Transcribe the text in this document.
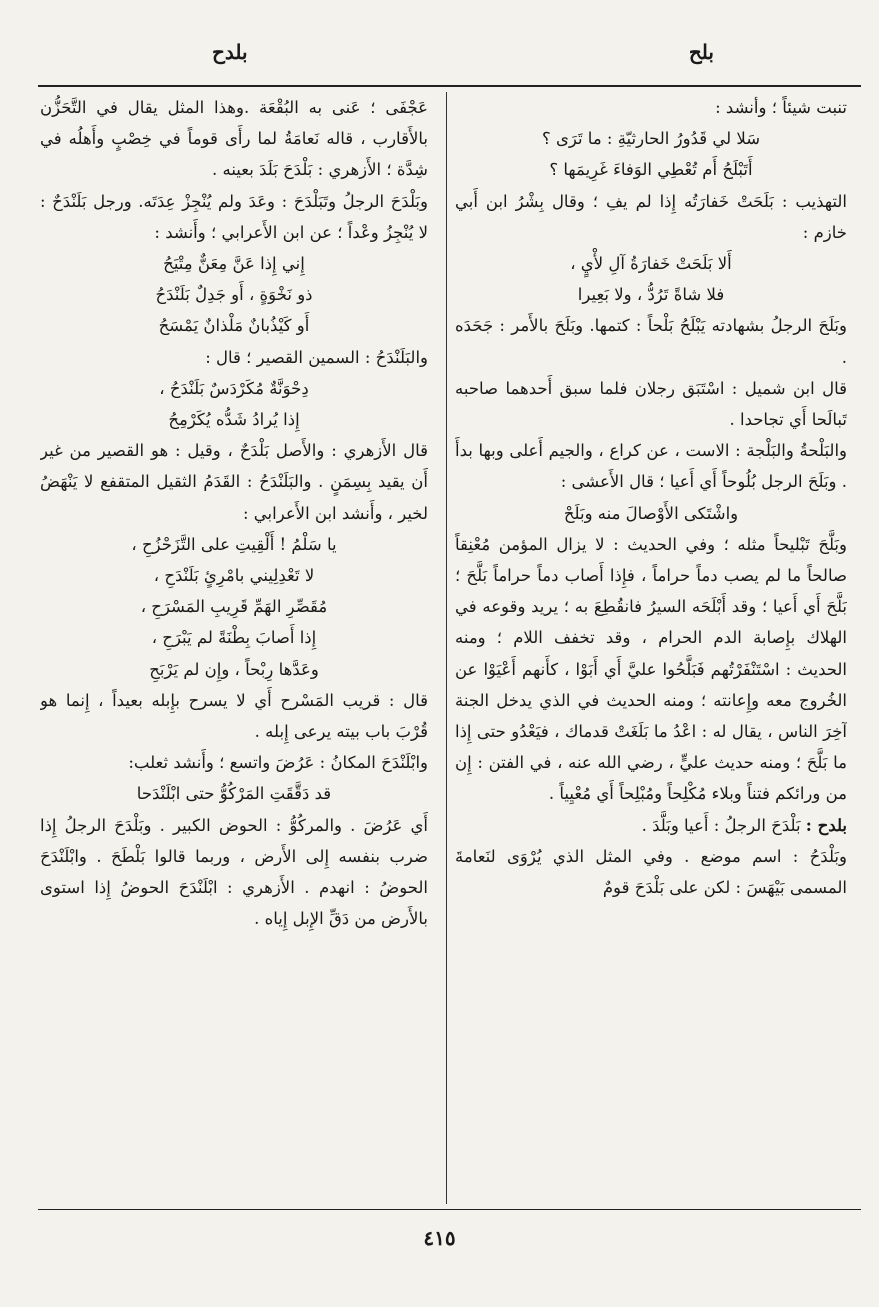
بلح
بلدح

تنبت شيئاً ؛ وأنشد :

سَلا لي قَدُورُ الحارثيّةِ : ما تَرَى ؟

أَتَبْلَحُ أَم تُعْطِي الوَفاءَ غَرِيمَها ؟

التهذيب : بَلَحَتْ خَفارَتُه إِذا لم يفِ ؛ وقال بِشْرُ ابن أَبي خازم :

أَلا بَلَحَتْ خَفارَةُ آلِ لأْيٍ ،

فلا شاةً تَرُدُّ ، ولا بَعِيرا

وبَلَحَ الرجلُ بشهادته يَبْلَحُ بَلْحاً : كتمها. وبَلَحَ بالأَمر : جَحَدَه .

قال ابن شميل : اسْتَبَق رجلان فلما سبق أَحدهما صاحبه تَبالَحا أَي تجاحدا .

والبَلْحةُ والبَلْجة : الاست ، عن كراع ، والجيم أَعلى وبها بدأَ . وبَلَحَ الرجل بُلُوحاً أَي أَعيا ؛ قال الأَعشى :

واشْتَكى الأَوْصالَ منه وبَلَحْ

وبَلَّحَ تَبْليحاً مثله ؛ وفي الحديث : لا يزال المؤمن مُعْنِقاً صالحاً ما لم يصب دماً حراماً ، فإِذا أَصاب دماً حراماً بَلَّحَ ؛ بَلَّحَ أَي أَعيا ؛ وقد أَبْلَحَه السيرُ فانقُطِعَ به ؛ يريد وقوعه في الهلاك بإِصابة الدم الحرام ، وقد تخفف اللام ؛ ومنه الحديث : اسْتَنْفَرْتُهم فَبَلَّحُوا عليَّ أَي أَبَوْا ، كأَنهم أَعْيَوْا عن الخُروج معه وإِعانته ؛ ومنه الحديث في الذي يدخل الجنة آخِرَ الناس ، يقال له : اعْدُ ما بَلَغَتْ قدماك ، فيَعْدُو حتى إِذا ما بَلَّحَ ؛ ومنه حديث عليٍّ ، رضي الله عنه ، في الفتن : إِن من ورائكم فتناً وبلاء مُكْلِحاً ومُبْلِحاً أَي مُعْيِياً .

بلدح : بَلْدَحَ الرجلُ : أَعيا وبَلَّدَ .

وبَلْدَحُ : اسم موضع . وفي المثل الذي يُرْوَى لنَعامةَ المسمى بَيْهَسَ : لكن على بَلْدَحَ قومٌ

عَجْفَى ؛ عَنى به البُقْعَة .وهذا المثل يقال في التَّحَزُّن بالأَقارب ، قاله نَعامَةُ لما رأَى قوماً في خِصْبٍ وأَهلُه في شِدَّة ؛ الأَزهري : بَلْدَحَ بَلَدَ بعينه .

وبَلْدَحَ الرجلُ وتَبَلْدَحَ : وعَدَ ولم يُنْجِزْ عِدَتَه. ورجل بَلَنْدَحٌ : لا يُنْجِزُ وعْداً ؛ عن ابن الأَعرابي ؛ وأَنشد :

إِني إِذا عَنَّ مِعَنٌّ مِتْيَحُ

ذو نَخْوَةٍ ، أَو جَدِلٌ بَلَنْدَحُ

أَو كَيْذُبانٌ مَلْذانٌ يَمْسَحُ

والبَلَنْدَحُ : السمين القصير ؛ قال :

دِحْوَنَّةٌ مُكَرْدَسٌ بَلَنْدَحُ ،

إِذا يُرادُ شَدُّه يُكَرْمِحُ

قال الأَزهري : والأَصل بَلْدَحٌ ، وقيل : هو القصير من غير أَن يقيد بِسِمَنٍ . والبَلَنْدَحُ : القَدَمُ الثقيل المتقفع لا يَنْهَضُ لخير ، وأَنشد ابن الأَعرابي :

يا سَلْمُ ! أَلْقِيتِ على التَّزَحْزُحِ ،

لا تَعْدِلِيني بامْرِئٍ بَلَنْدَحِ ،

مُقَصِّرِ الهَمِّ قَرِيبِ المَسْرَحِ ،

إِذا أَصابَ بِطْنَةً لم يَبْرَحِ ،

وعَدَّها رِبْحاً ، وإِن لم يَرْبَحِ

قال : قريب المَسْرح أَي لا يسرح بإِبله بعيداً ، إِنما هو قُرْبَ باب بيته يرعى إِبله .

وابْلَنْدَحَ المكانُ : عَرُضَ واتسع ؛ وأَنشد ثعلب:

قد دَقَّقَتِ المَرْكُوُّ حتى ابْلَنْدَحا

أَي عَرُضَ . والمركُوُّ : الحوض الكبير . وبَلْدَحَ الرجلُ إِذا ضرب بنفسه إِلى الأَرض ، وربما قالوا بَلْطَحَ . وابْلَنْدَحَ الحوضُ : انهدم . الأَزهري : ابْلَنْدَحَ الحوضُ إِذا استوى بالأَرض من دَقِّ الإِبل إِياه .

٤١٥
